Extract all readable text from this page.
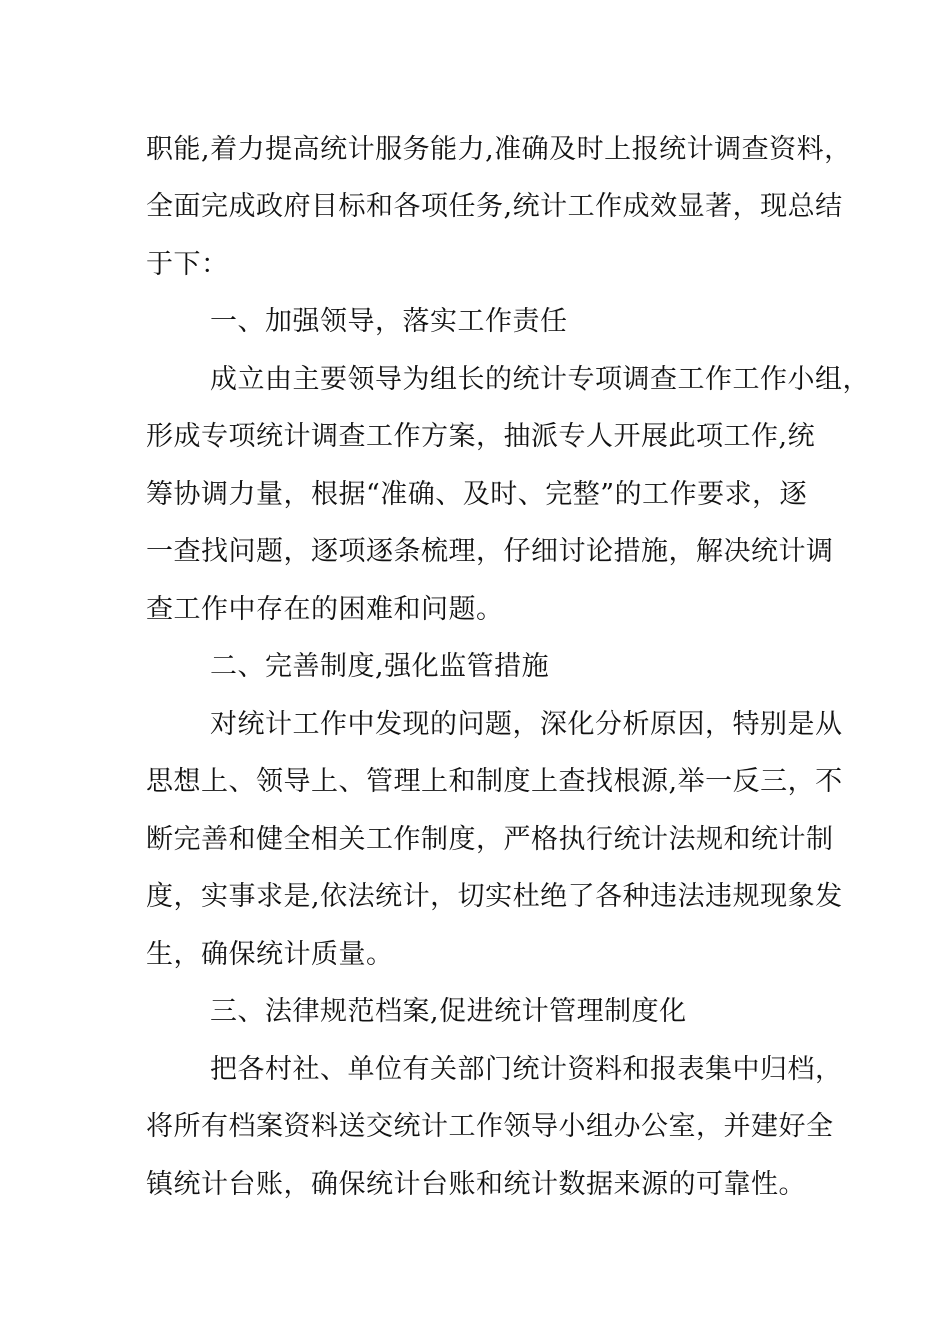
职能,着力提高统计服务能力,准确及时上报统计调查资料，
全面完成政府目标和各项任务,统计工作成效显著，现总结
于下：
一、加强领导，落实工作责任
成立由主要领导为组长的统计专项调查工作工作小组，
形成专项统计调查工作方案，抽派专人开展此项工作,统
筹协调力量，根据“准确、及时、完整”的工作要求，逐
一查找问题，逐项逐条梳理，仔细讨论措施，解决统计调
查工作中存在的困难和问题。
二、完善制度,强化监管措施
对统计工作中发现的问题，深化分析原因，特别是从
思想上、领导上、管理上和制度上查找根源,举一反三，不
断完善和健全相关工作制度，严格执行统计法规和统计制
度，实事求是,依法统计，切实杜绝了各种违法违规现象发
生，确保统计质量。
三、法律规范档案,促进统计管理制度化
把各村社、单位有关部门统计资料和报表集中归档，
将所有档案资料送交统计工作领导小组办公室，并建好全
镇统计台账，确保统计台账和统计数据来源的可靠性。
